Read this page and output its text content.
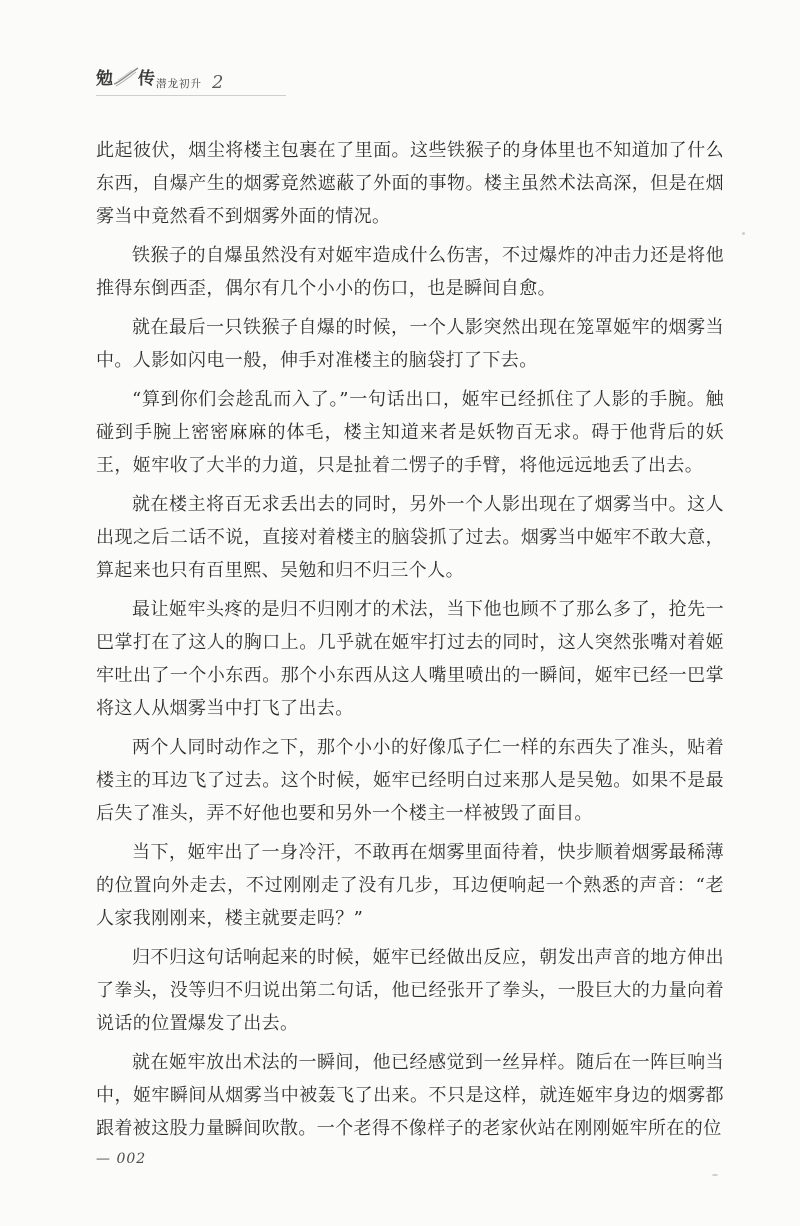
勉 传 潜龙初升 2

此起彼伏，烟尘将楼主包裹在了里面。这些铁猴子的身体里也不知道加了什么东西，自爆产生的烟雾竟然遮蔽了外面的事物。楼主虽然术法高深，但是在烟雾当中竟然看不到烟雾外面的情况。

铁猴子的自爆虽然没有对姬牢造成什么伤害，不过爆炸的冲击力还是将他推得东倒西歪，偶尔有几个小小的伤口，也是瞬间自愈。

就在最后一只铁猴子自爆的时候，一个人影突然出现在笼罩姬牢的烟雾当中。人影如闪电一般，伸手对准楼主的脑袋打了下去。

“算到你们会趁乱而入了。”一句话出口，姬牢已经抓住了人影的手腕。触碰到手腕上密密麻麻的体毛，楼主知道来者是妖物百无求。碍于他背后的妖王，姬牢收了大半的力道，只是扯着二愣子的手臂，将他远远地丢了出去。

就在楼主将百无求丢出去的同时，另外一个人影出现在了烟雾当中。这人出现之后二话不说，直接对着楼主的脑袋抓了过去。烟雾当中姬牢不敢大意，算起来也只有百里熙、吴勉和归不归三个人。

最让姬牢头疼的是归不归刚才的术法，当下他也顾不了那么多了，抢先一巴掌打在了这人的胸口上。几乎就在姬牢打过去的同时，这人突然张嘴对着姬牢吐出了一个小东西。那个小东西从这人嘴里喷出的一瞬间，姬牢已经一巴掌将这人从烟雾当中打飞了出去。

两个人同时动作之下，那个小小的好像瓜子仁一样的东西失了准头，贴着楼主的耳边飞了过去。这个时候，姬牢已经明白过来那人是吴勉。如果不是最后失了准头，弄不好他也要和另外一个楼主一样被毁了面目。

当下，姬牢出了一身冷汗，不敢再在烟雾里面待着，快步顺着烟雾最稀薄的位置向外走去，不过刚刚走了没有几步，耳边便响起一个熟悉的声音：“老人家我刚刚来，楼主就要走吗？”

归不归这句话响起来的时候，姬牢已经做出反应，朝发出声音的地方伸出了拳头，没等归不归说出第二句话，他已经张开了拳头，一股巨大的力量向着说话的位置爆发了出去。

就在姬牢放出术法的一瞬间，他已经感觉到一丝异样。随后在一阵巨响当中，姬牢瞬间从烟雾当中被轰飞了出来。不只是这样，就连姬牢身边的烟雾都跟着被这股力量瞬间吹散。一个老得不像样子的老家伙站在刚刚姬牢所在的位

— 002
